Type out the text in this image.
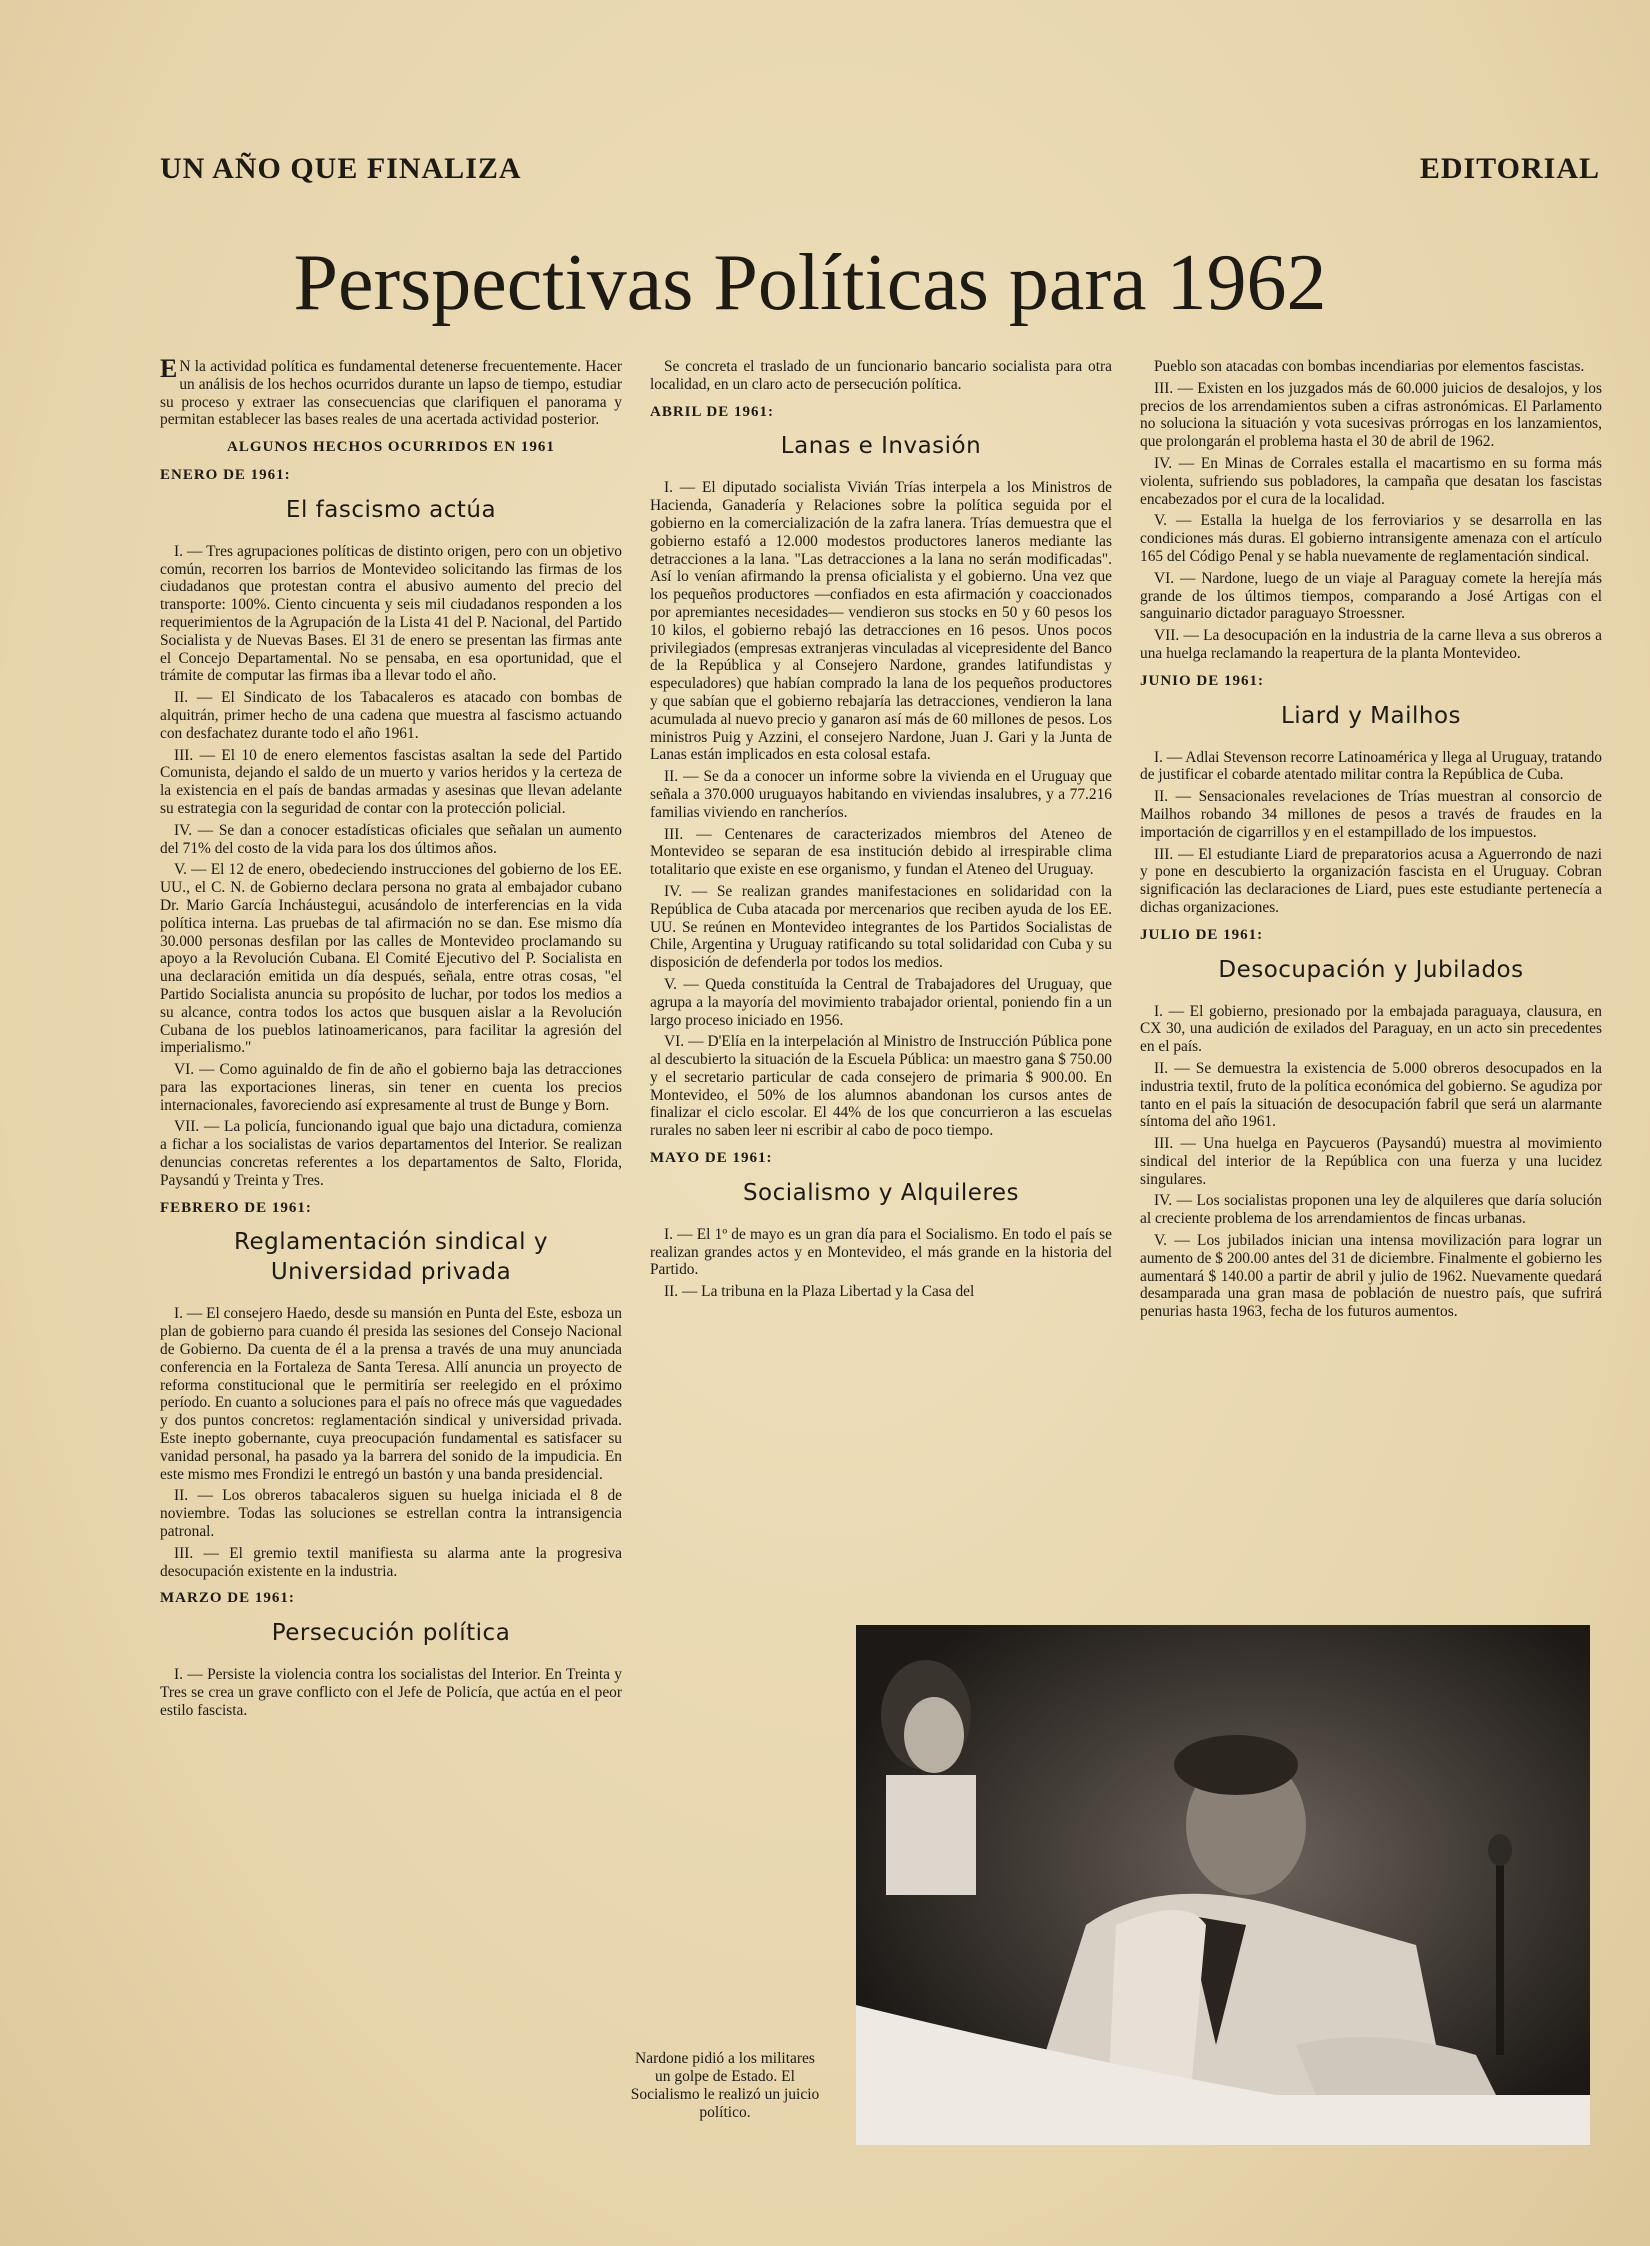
UN AÑO QUE FINALIZA	EDITORIAL
Perspectivas Políticas para 1962

EN la actividad política es fundamental detenerse frecuentemente. Hacer un análisis de los hechos ocurridos durante un lapso de tiempo, estudiar su proceso y extraer las consecuencias que clarifiquen el panorama y permitan establecer las bases reales de una acertada actividad posterior.

ALGUNOS HECHOS OCURRIDOS EN 1961
ENERO DE 1961:
El fascismo actúa

I. — Tres agrupaciones políticas de distinto origen, pero con un objetivo común, recorren los barrios de Montevideo solicitando las firmas de los ciudadanos que protestan contra el abusivo aumento del precio del transporte: 100%. Ciento cincuenta y seis mil ciudadanos responden a los requerimientos de la Agrupación de la Lista 41 del P. Nacional, del Partido Socialista y de Nuevas Bases. El 31 de enero se presentan las firmas ante el Concejo Departamental. No se pensaba, en esa oportunidad, que el trámite de computar las firmas iba a llevar todo el año.

II. — El Sindicato de los Tabacaleros es atacado con bombas de alquitrán, primer hecho de una cadena que muestra al fascismo actuando con desfachatez durante todo el año 1961.

III. — El 10 de enero elementos fascistas asaltan la sede del Partido Comunista, dejando el saldo de un muerto y varios heridos y la certeza de la existencia en el país de bandas armadas y asesinas que llevan adelante su estrategia con la seguridad de contar con la protección policial.

IV. — Se dan a conocer estadísticas oficiales que señalan un aumento del 71% del costo de la vida para los dos últimos años.

V. — El 12 de enero, obedeciendo instrucciones del gobierno de los EE. UU., el C. N. de Gobierno declara persona no grata al embajador cubano Dr. Mario García Incháustegui, acusándolo de interferencias en la vida política interna. Las pruebas de tal afirmación no se dan. Ese mismo día 30.000 personas desfilan por las calles de Montevideo proclamando su apoyo a la Revolución Cubana. El Comité Ejecutivo del P. Socialista en una declaración emitida un día después, señala, entre otras cosas, "el Partido Socialista anuncia su propósito de luchar, por todos los medios a su alcance, contra todos los actos que busquen aislar a la Revolución Cubana de los pueblos latinoamericanos, para facilitar la agresión del imperialismo."

VI. — Como aguinaldo de fin de año el gobierno baja las detracciones para las exportaciones lineras, sin tener en cuenta los precios internacionales, favoreciendo así expresamente al trust de Bunge y Born.

VII. — La policía, funcionando igual que bajo una dictadura, comienza a fichar a los socialistas de varios departamentos del Interior. Se realizan denuncias concretas referentes a los departamentos de Salto, Florida, Paysandú y Treinta y Tres.

FEBRERO DE 1961:
Reglamentación sindical y Universidad privada

I. — El consejero Haedo, desde su mansión en Punta del Este, esboza un plan de gobierno para cuando él presida las sesiones del Consejo Nacional de Gobierno. Da cuenta de él a la prensa a través de una muy anunciada conferencia en la Fortaleza de Santa Teresa. Allí anuncia un proyecto de reforma constitucional que le permitiría ser reelegido en el próximo período. En cuanto a soluciones para el país no ofrece más que vaguedades y dos puntos concretos: reglamentación sindical y universidad privada. Este inepto gobernante, cuya preocupación fundamental es satisfacer su vanidad personal, ha pasado ya la barrera del sonido de la impudicia. En este mismo mes Frondizi le entregó un bastón y una banda presidencial.

II. — Los obreros tabacaleros siguen su huelga iniciada el 8 de noviembre. Todas las soluciones se estrellan contra la intransigencia patronal.

III. — El gremio textil manifiesta su alarma ante la progresiva desocupación existente en la industria.

MARZO DE 1961:
Persecución política

I. — Persiste la violencia contra los socialistas del Interior. En Treinta y Tres se crea un grave conflicto con el Jefe de Policía, que actúa en el peor estilo fascista.

Se concreta el traslado de un funcionario bancario socialista para otra localidad, en un claro acto de persecución política.

ABRIL DE 1961:
Lanas e Invasión

I. — El diputado socialista Vivián Trías interpela a los Ministros de Hacienda, Ganadería y Relaciones sobre la política seguida por el gobierno en la comercialización de la zafra lanera. Trías demuestra que el gobierno estafó a 12.000 modestos productores laneros mediante las detracciones a la lana. "Las detracciones a la lana no serán modificadas". Así lo venían afirmando la prensa oficialista y el gobierno. Una vez que los pequeños productores —confiados en esta afirmación y coaccionados por apremiantes necesidades— vendieron sus stocks en 50 y 60 pesos los 10 kilos, el gobierno rebajó las detracciones en 16 pesos. Unos pocos privilegiados (empresas extranjeras vinculadas al vicepresidente del Banco de la República y al Consejero Nardone, grandes latifundistas y especuladores) que habían comprado la lana de los pequeños productores y que sabían que el gobierno rebajaría las detracciones, vendieron la lana acumulada al nuevo precio y ganaron así más de 60 millones de pesos. Los ministros Puig y Azzini, el consejero Nardone, Juan J. Gari y la Junta de Lanas están implicados en esta colosal estafa.

II. — Se da a conocer un informe sobre la vivienda en el Uruguay que señala a 370.000 uruguayos habitando en viviendas insalubres, y a 77.216 familias viviendo en rancheríos.

III. — Centenares de caracterizados miembros del Ateneo de Montevideo se separan de esa institución debido al irrespirable clima totalitario que existe en ese organismo, y fundan el Ateneo del Uruguay.

IV. — Se realizan grandes manifestaciones en solidaridad con la República de Cuba atacada por mercenarios que reciben ayuda de los EE. UU. Se reúnen en Montevideo integrantes de los Partidos Socialistas de Chile, Argentina y Uruguay ratificando su total solidaridad con Cuba y su disposición de defenderla por todos los medios.

V. — Queda constituída la Central de Trabajadores del Uruguay, que agrupa a la mayoría del movimiento trabajador oriental, poniendo fin a un largo proceso iniciado en 1956.

VI. — D'Elía en la interpelación al Ministro de Instrucción Pública pone al descubierto la situación de la Escuela Pública: un maestro gana $ 750.00 y el secretario particular de cada consejero de primaria $ 900.00. En Montevideo, el 50% de los alumnos abandonan los cursos antes de finalizar el ciclo escolar. El 44% de los que concurrieron a las escuelas rurales no saben leer ni escribir al cabo de poco tiempo.

MAYO DE 1961:
Socialismo y Alquileres

I. — El 1º de mayo es un gran día para el Socialismo. En todo el país se realizan grandes actos y en Montevideo, el más grande en la historia del Partido.

II. — La tribuna en la Plaza Libertad y la Casa del

Pueblo son atacadas con bombas incendiarias por elementos fascistas.

III. — Existen en los juzgados más de 60.000 juicios de desalojos, y los precios de los arrendamientos suben a cifras astronómicas. El Parlamento no soluciona la situación y vota sucesivas prórrogas en los lanzamientos, que prolongarán el problema hasta el 30 de abril de 1962.

IV. — En Minas de Corrales estalla el macartismo en su forma más violenta, sufriendo sus pobladores, la campaña que desatan los fascistas encabezados por el cura de la localidad.

V. — Estalla la huelga de los ferroviarios y se desarrolla en las condiciones más duras. El gobierno intransigente amenaza con el artículo 165 del Código Penal y se habla nuevamente de reglamentación sindical.

VI. — Nardone, luego de un viaje al Paraguay comete la herejía más grande de los últimos tiempos, comparando a José Artigas con el sanguinario dictador paraguayo Stroessner.

VII. — La desocupación en la industria de la carne lleva a sus obreros a una huelga reclamando la reapertura de la planta Montevideo.

JUNIO DE 1961:
Liard y Mailhos

I. — Adlai Stevenson recorre Latinoamérica y llega al Uruguay, tratando de justificar el cobarde atentado militar contra la República de Cuba.

II. — Sensacionales revelaciones de Trías muestran al consorcio de Mailhos robando 34 millones de pesos a través de fraudes en la importación de cigarrillos y en el estampillado de los impuestos.

III. — El estudiante Liard de preparatorios acusa a Aguerrondo de nazi y pone en descubierto la organización fascista en el Uruguay. Cobran significación las declaraciones de Liard, pues este estudiante pertenecía a dichas organizaciones.

JULIO DE 1961:
Desocupación y Jubilados

I. — El gobierno, presionado por la embajada paraguaya, clausura, en CX 30, una audición de exilados del Paraguay, en un acto sin precedentes en el país.

II. — Se demuestra la existencia de 5.000 obreros desocupados en la industria textil, fruto de la política económica del gobierno. Se agudiza por tanto en el país la situación de desocupación fabril que será un alarmante síntoma del año 1961.

III. — Una huelga en Paycueros (Paysandú) muestra al movimiento sindical del interior de la República con una fuerza y una lucidez singulares.

IV. — Los socialistas proponen una ley de alquileres que daría solución al creciente problema de los arrendamientos de fincas urbanas.

V. — Los jubilados inician una intensa movilización para lograr un aumento de $ 200.00 antes del 31 de diciembre. Finalmente el gobierno les aumentará $ 140.00 a partir de abril y julio de 1962. Nuevamente quedará desamparada una gran masa de población de nuestro país, que sufrirá penurias hasta 1963, fecha de los futuros aumentos.

Nardone pidió a los militares un golpe de Estado. El Socialismo le realizó un juicio político.
